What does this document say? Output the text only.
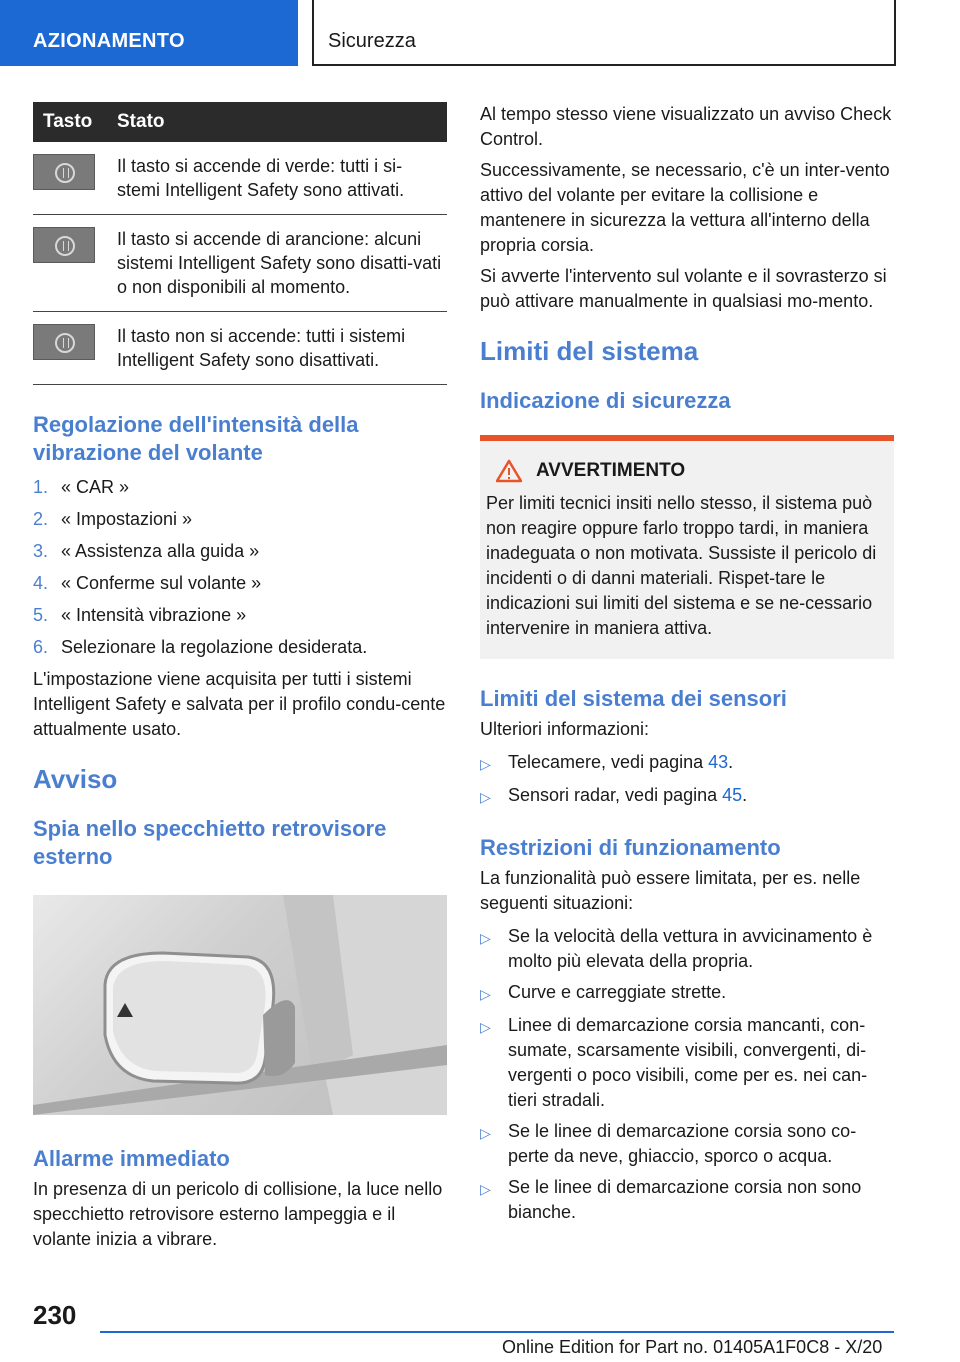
AZIONAMENTO	Sicurezza
Tasto	Stato

	Il tasto si accende di verde: tutti i si-stemi Intelligent Safety sono attivati.

	Il tasto si accende di arancione: alcuni sistemi Intelligent Safety sono disatti-vati o non disponibili al momento.

	Il tasto non si accende: tutti i sistemi Intelligent Safety sono disattivati.
Regolazione dell'intensità della vibrazione del volante
1. « CAR »
2. « Impostazioni »
3. « Assistenza alla guida »
4. « Conferme sul volante »
5. « Intensità vibrazione »
6. Selezionare la regolazione desiderata.

L'impostazione viene acquisita per tutti i sistemi Intelligent Safety e salvata per il profilo condu-cente attualmente usato.

Avviso
Spia nello specchietto retrovisore esterno
Allarme immediato

In presenza di un pericolo di collisione, la luce nello specchietto retrovisore esterno lampeggia e il volante inizia a vibrare.

Al tempo stesso viene visualizzato un avviso Check Control.

Successivamente, se necessario, c'è un inter-vento attivo del volante per evitare la collisione e mantenere in sicurezza la vettura all'interno della propria corsia.

Si avverte l'intervento sul volante e il sovrasterzo si può attivare manualmente in qualsiasi mo-mento.

Limiti del sistema
Indicazione di sicurezza
AVVERTIMENTO

Per limiti tecnici insiti nello stesso, il sistema può non reagire oppure farlo troppo tardi, in maniera inadeguata o non motivata. Sussiste il pericolo di incidenti o di danni materiali. Rispet-tare le indicazioni sui limiti del sistema e se ne-cessario intervenire in maniera attiva.

Limiti del sistema dei sensori

Ulteriori informazioni:

▷ Telecamere, vedi pagina 43.
▷ Sensori radar, vedi pagina 45.
Restrizioni di funzionamento

La funzionalità può essere limitata, per es. nelle seguenti situazioni:

▷ Se la velocità della vettura in avvicinamento è molto più elevata della propria.
▷ Curve e carreggiate strette.
▷ Linee di demarcazione corsia mancanti, con-sumate, scarsamente visibili, convergenti, di-vergenti o poco visibili, come per es. nei can-tieri stradali.
▷ Se le linee di demarcazione corsia sono co-perte da neve, ghiaccio, sporco o acqua.
▷ Se le linee di demarcazione corsia non sono bianche.
230
Online Edition for Part no. 01405A1F0C8 - X/20
